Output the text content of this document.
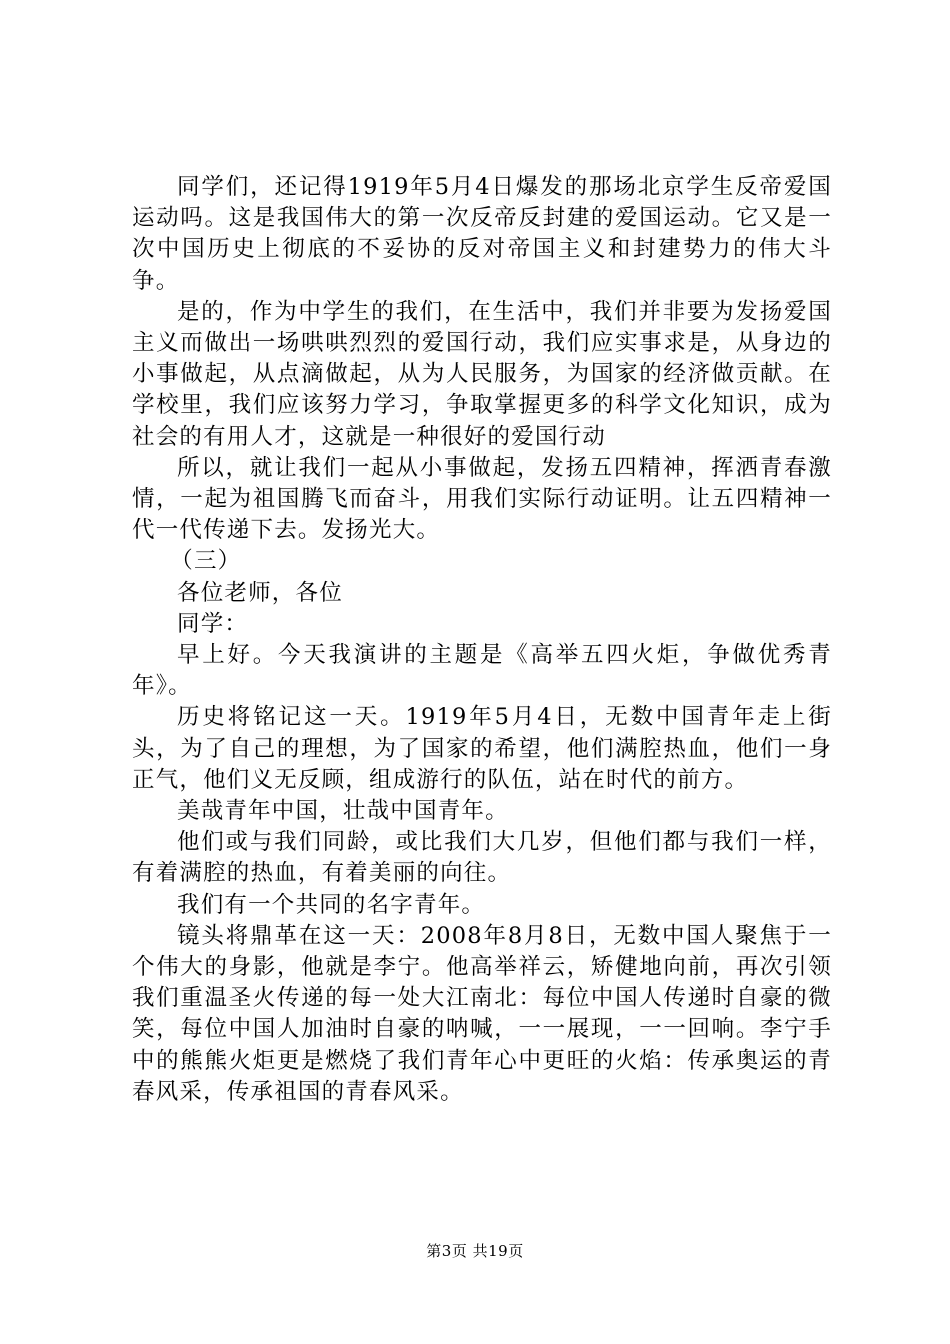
同学们，还记得1919年5月4日爆发的那场北京学生反帝爱国运动吗。这是我国伟大的第一次反帝反封建的爱国运动。它又是一次中国历史上彻底的不妥协的反对帝国主义和封建势力的伟大斗争。

是的，作为中学生的我们，在生活中，我们并非要为发扬爱国主义而做出一场哄哄烈烈的爱国行动，我们应实事求是，从身边的小事做起，从点滴做起，从为人民服务，为国家的经济做贡献。在学校里，我们应该努力学习，争取掌握更多的科学文化知识，成为社会的有用人才，这就是一种很好的爱国行动

所以，就让我们一起从小事做起，发扬五四精神，挥洒青春激情，一起为祖国腾飞而奋斗，用我们实际行动证明。让五四精神一代一代传递下去。发扬光大。

（三）

各位老师，各位

同学：

早上好。今天我演讲的主题是《高举五四火炬，争做优秀青年》。

历史将铭记这一天。1919年5月4日，无数中国青年走上街头，为了自己的理想，为了国家的希望，他们满腔热血，他们一身正气，他们义无反顾，组成游行的队伍，站在时代的前方。

美哉青年中国，壮哉中国青年。

他们或与我们同龄，或比我们大几岁，但他们都与我们一样，有着满腔的热血，有着美丽的向往。

我们有一个共同的名字青年。

镜头将鼎革在这一天：2008年8月8日，无数中国人聚焦于一个伟大的身影，他就是李宁。他高举祥云，矫健地向前，再次引领我们重温圣火传递的每一处大江南北：每位中国人传递时自豪的微笑，每位中国人加油时自豪的呐喊，一一展现，一一回响。李宁手中的熊熊火炬更是燃烧了我们青年心中更旺的火焰：传承奥运的青春风采，传承祖国的青春风采。

第3页 共19页
